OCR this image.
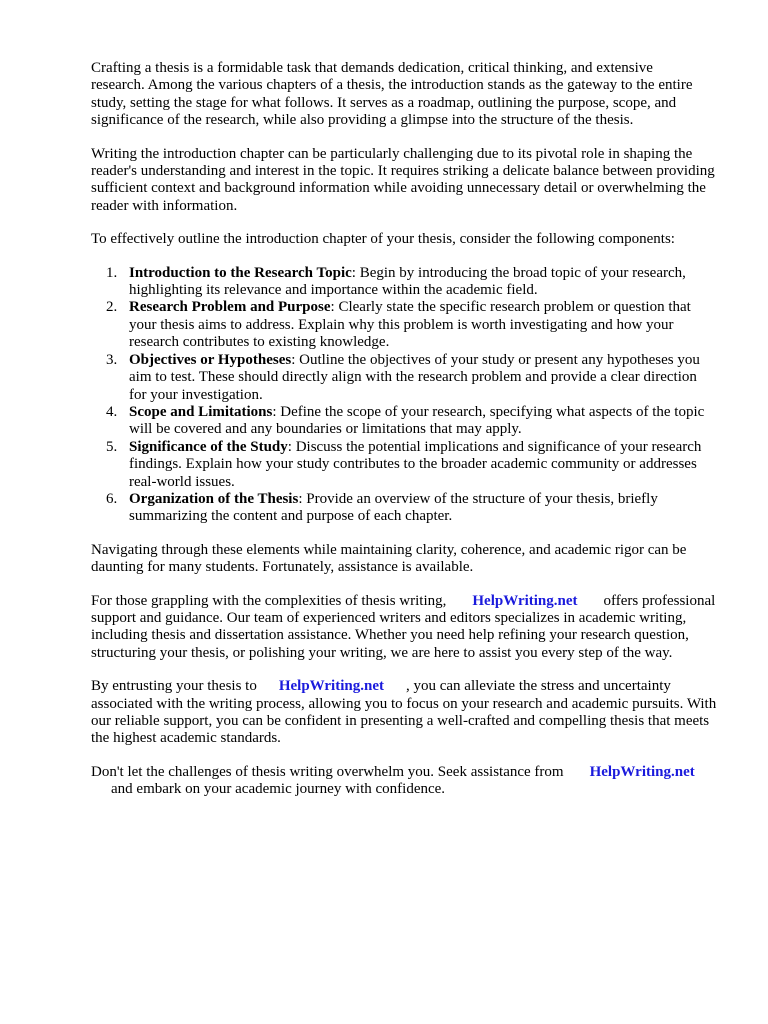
Crafting a thesis is a formidable task that demands dedication, critical thinking, and extensive research. Among the various chapters of a thesis, the introduction stands as the gateway to the entire study, setting the stage for what follows. It serves as a roadmap, outlining the purpose, scope, and significance of the research, while also providing a glimpse into the structure of the thesis.

Writing the introduction chapter can be particularly challenging due to its pivotal role in shaping the reader's understanding and interest in the topic. It requires striking a delicate balance between providing sufficient context and background information while avoiding unnecessary detail or overwhelming the reader with information.

To effectively outline the introduction chapter of your thesis, consider the following components:

1. Introduction to the Research Topic: Begin by introducing the broad topic of your research, highlighting its relevance and importance within the academic field.
2. Research Problem and Purpose: Clearly state the specific research problem or question that your thesis aims to address. Explain why this problem is worth investigating and how your research contributes to existing knowledge.
3. Objectives or Hypotheses: Outline the objectives of your study or present any hypotheses you aim to test. These should directly align with the research problem and provide a clear direction for your investigation.
4. Scope and Limitations: Define the scope of your research, specifying what aspects of the topic will be covered and any boundaries or limitations that may apply.
5. Significance of the Study: Discuss the potential implications and significance of your research findings. Explain how your study contributes to the broader academic community or addresses real-world issues.
6. Organization of the Thesis: Provide an overview of the structure of your thesis, briefly summarizing the content and purpose of each chapter.

Navigating through these elements while maintaining clarity, coherence, and academic rigor can be daunting for many students. Fortunately, assistance is available.

For those grappling with the complexities of thesis writing, HelpWriting.net offers professional support and guidance. Our team of experienced writers and editors specializes in academic writing, including thesis and dissertation assistance. Whether you need help refining your research question, structuring your thesis, or polishing your writing, we are here to assist you every step of the way.

By entrusting your thesis to HelpWriting.net , you can alleviate the stress and uncertainty associated with the writing process, allowing you to focus on your research and academic pursuits. With our reliable support, you can be confident in presenting a well-crafted and compelling thesis that meets the highest academic standards.

Don't let the challenges of thesis writing overwhelm you. Seek assistance from HelpWriting.net
and embark on your academic journey with confidence.
